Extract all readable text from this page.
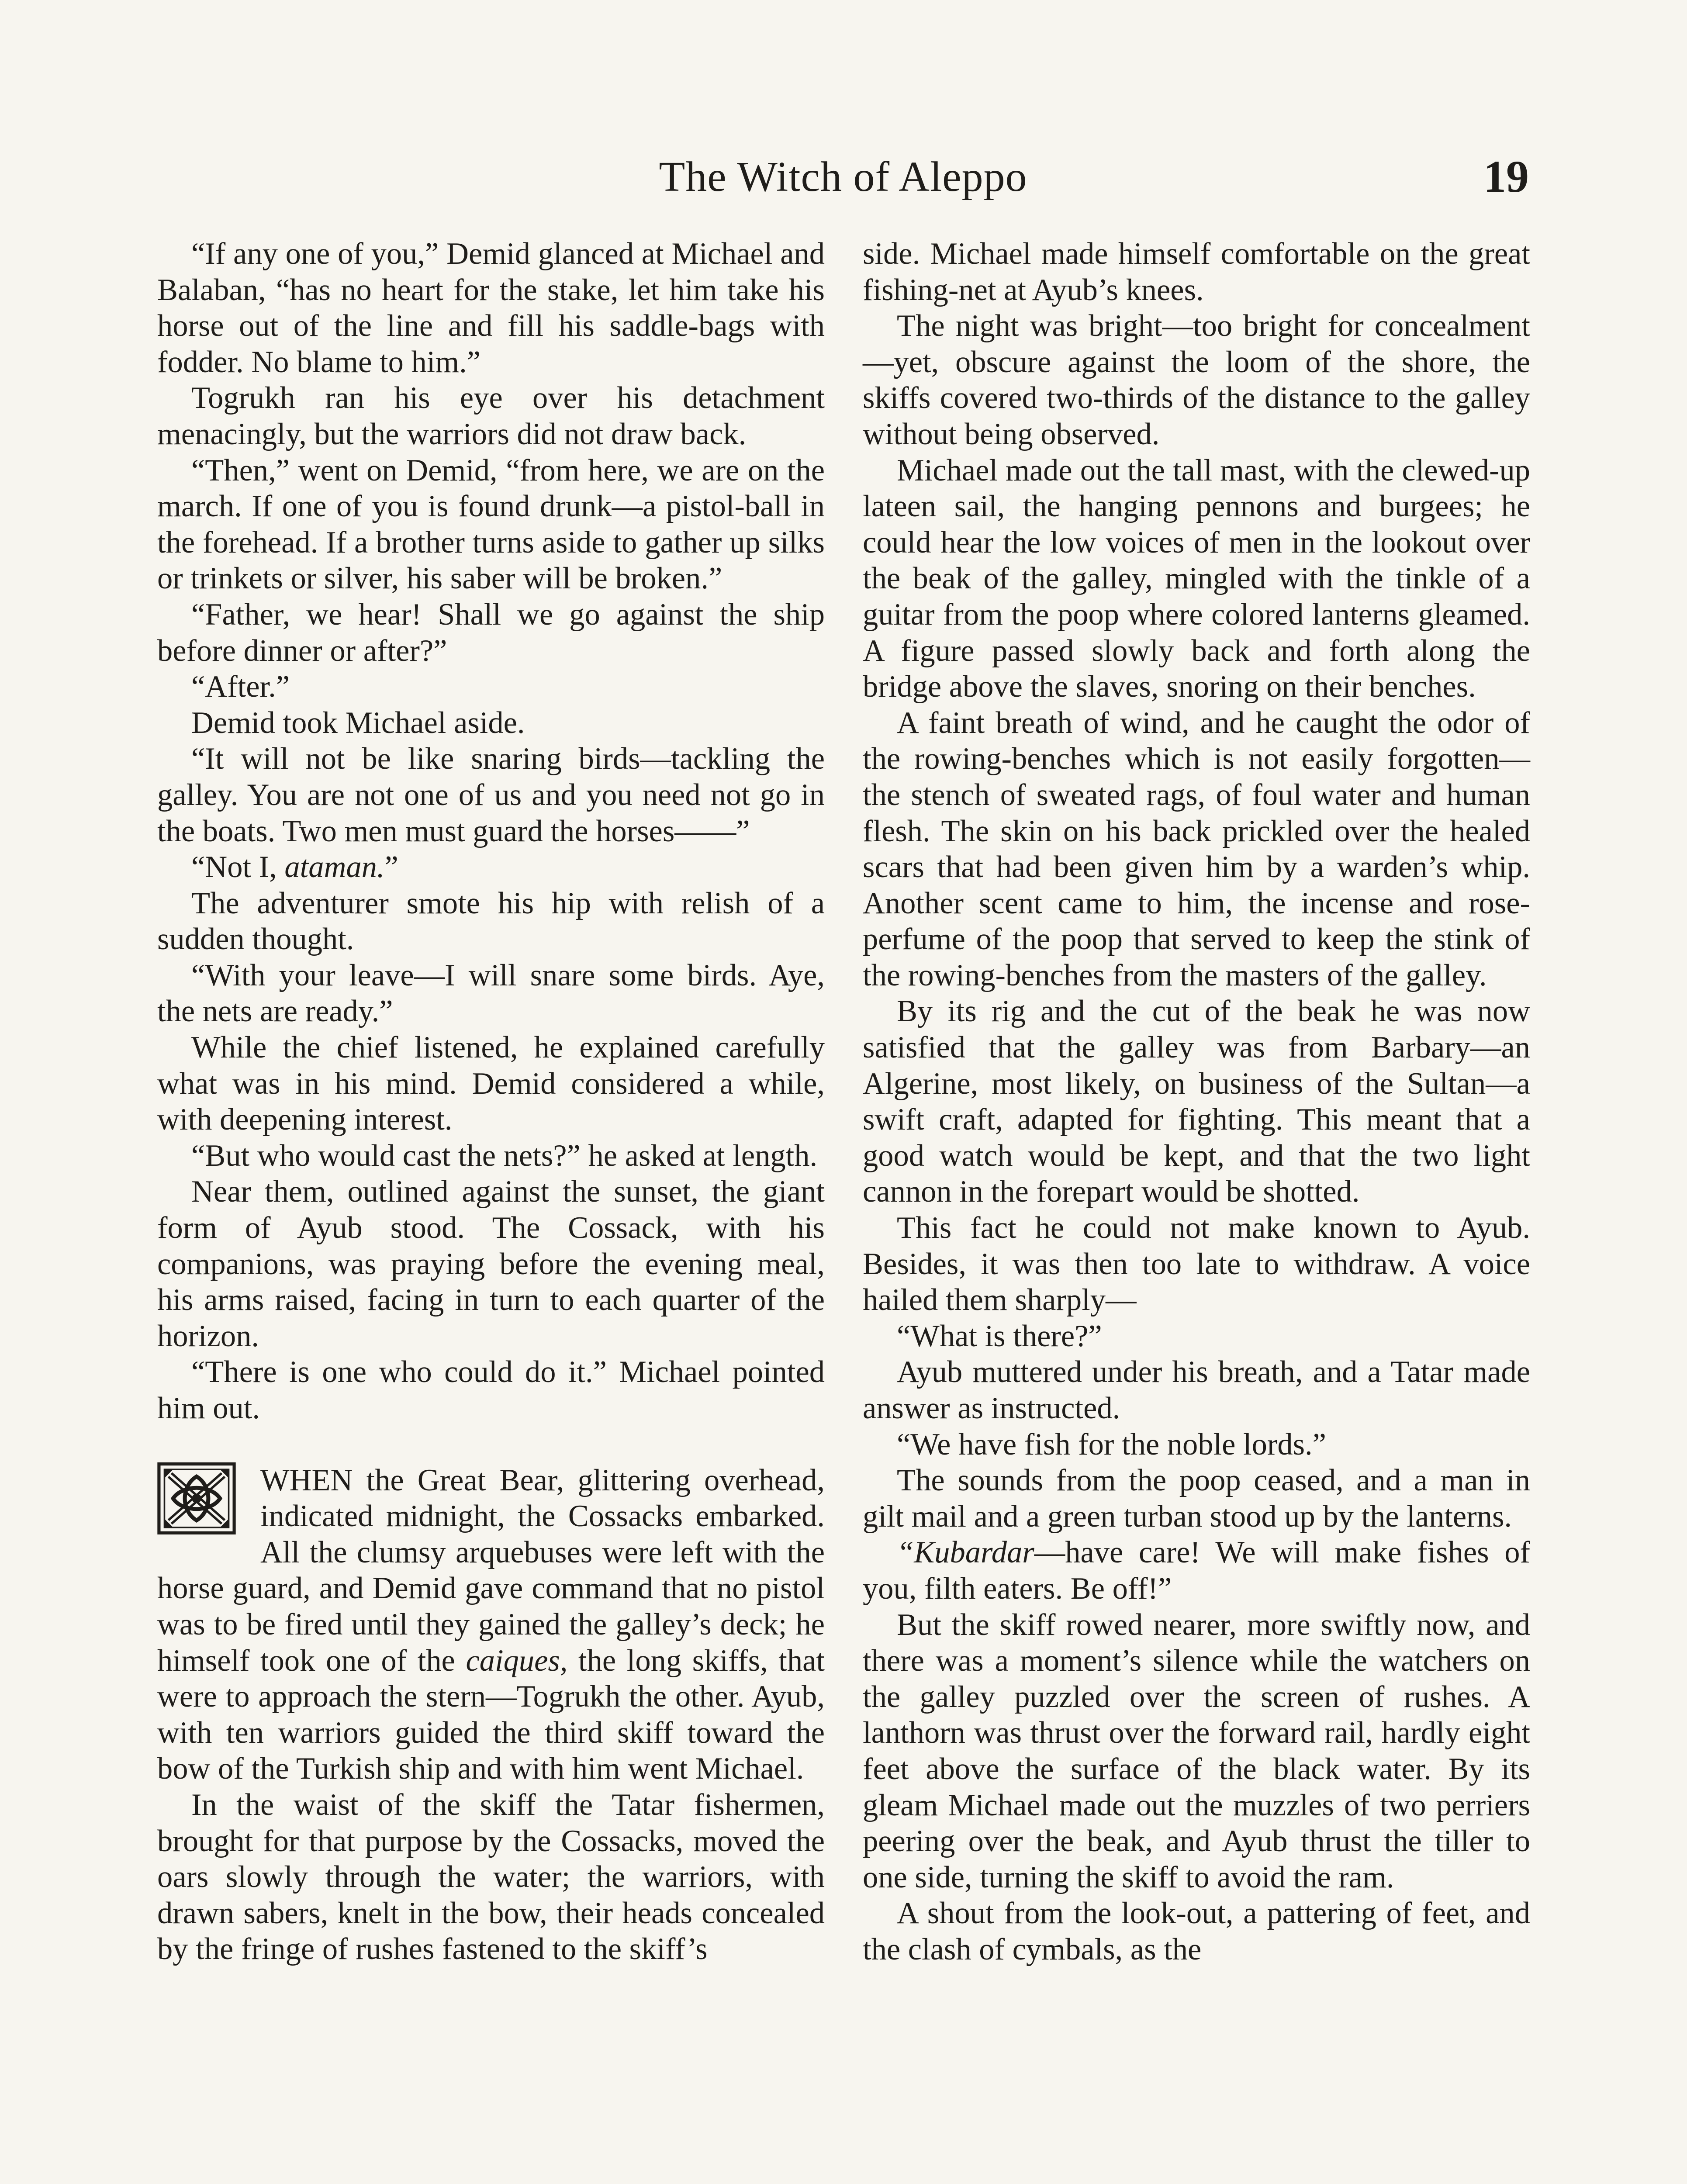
The Witch of Aleppo	19

“If any one of you,” Demid glanced at Michael and Balaban, “has no heart for the stake, let him take his horse out of the line and fill his saddle-bags with fodder. No blame to him.”

Togrukh ran his eye over his detachment menacingly, but the warriors did not draw back.

“Then,” went on Demid, “from here, we are on the march. If one of you is found drunk—a pistol-ball in the forehead. If a brother turns aside to gather up silks or trinkets or silver, his saber will be broken.”

“Father, we hear! Shall we go against the ship before dinner or after?”

“After.”

Demid took Michael aside.

“It will not be like snaring birds—tackling the galley. You are not one of us and you need not go in the boats. Two men must guard the horses——”

“Not I, ataman.”

The adventurer smote his hip with relish of a sudden thought.

“With your leave—I will snare some birds. Aye, the nets are ready.”

While the chief listened, he explained carefully what was in his mind. Demid considered a while, with deepening interest.

“But who would cast the nets?” he asked at length.

Near them, outlined against the sunset, the giant form of Ayub stood. The Cossack, with his companions, was praying before the evening meal, his arms raised, facing in turn to each quarter of the horizon.

“There is one who could do it.” Michael pointed him out.

WHEN the Great Bear, glittering overhead, indicated midnight, the Cossacks embarked. All the clumsy arquebuses were left with the horse guard, and Demid gave command that no pistol was to be fired until they gained the galley’s deck; he himself took one of the caiques, the long skiffs, that were to approach the stern—Togrukh the other. Ayub, with ten warriors guided the third skiff toward the bow of the Turkish ship and with him went Michael.

In the waist of the skiff the Tatar fishermen, brought for that purpose by the Cossacks, moved the oars slowly through the water; the warriors, with drawn sabers, knelt in the bow, their heads concealed by the fringe of rushes fastened to the skiff’s

side. Michael made himself comfortable on the great fishing-net at Ayub’s knees.

The night was bright—too bright for concealment—yet, obscure against the loom of the shore, the skiffs covered two-thirds of the distance to the galley without being observed.

Michael made out the tall mast, with the clewed-up lateen sail, the hanging pennons and burgees; he could hear the low voices of men in the lookout over the beak of the galley, mingled with the tinkle of a guitar from the poop where colored lanterns gleamed. A figure passed slowly back and forth along the bridge above the slaves, snoring on their benches.

A faint breath of wind, and he caught the odor of the rowing-benches which is not easily forgotten—the stench of sweated rags, of foul water and human flesh. The skin on his back prickled over the healed scars that had been given him by a warden’s whip. Another scent came to him, the incense and rose-perfume of the poop that served to keep the stink of the rowing-benches from the masters of the galley.

By its rig and the cut of the beak he was now satisfied that the galley was from Barbary—an Algerine, most likely, on business of the Sultan—a swift craft, adapted for fighting. This meant that a good watch would be kept, and that the two light cannon in the forepart would be shotted.

This fact he could not make known to Ayub. Besides, it was then too late to withdraw. A voice hailed them sharply—

“What is there?”

Ayub muttered under his breath, and a Tatar made answer as instructed.

“We have fish for the noble lords.”

The sounds from the poop ceased, and a man in gilt mail and a green turban stood up by the lanterns.

“Kubardar—have care! We will make fishes of you, filth eaters. Be off!”

But the skiff rowed nearer, more swiftly now, and there was a moment’s silence while the watchers on the galley puzzled over the screen of rushes. A lanthorn was thrust over the forward rail, hardly eight feet above the surface of the black water. By its gleam Michael made out the muzzles of two perriers peering over the beak, and Ayub thrust the tiller to one side, turning the skiff to avoid the ram.

A shout from the look-out, a pattering of feet, and the clash of cymbals, as the
